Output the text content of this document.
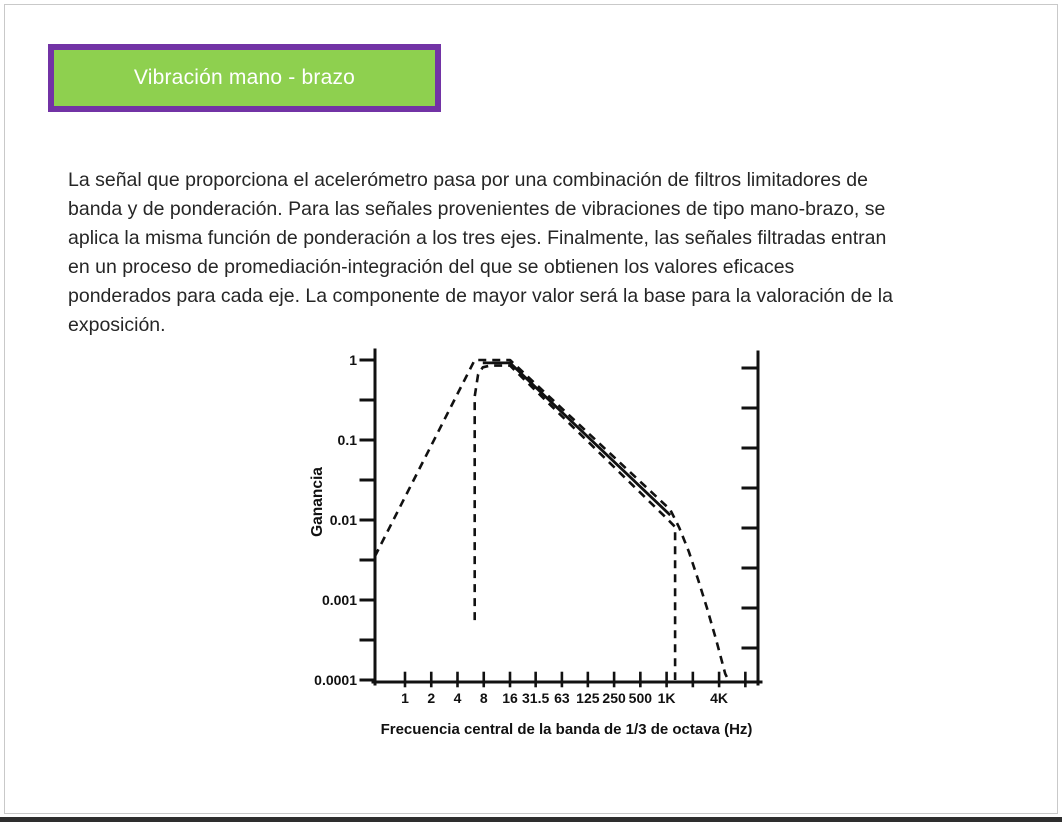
Vibración mano - brazo
La señal que proporciona el acelerómetro pasa por una combinación de filtros limitadores de
banda y de ponderación. Para las señales provenientes de vibraciones de tipo mano-brazo, se
aplica la misma función de ponderación a los tres ejes. Finalmente, las señales filtradas entran
en un proceso de promediación-integración del que se obtienen los valores eficaces
ponderados para cada eje. La componente de mayor valor será la base para la valoración de la
exposición.
1
0.1
0.01
0.001
0.0001
1 2 4 8 16 31.5 63 125 250 500 1K 4K
Frecuencia central de la banda de 1/3 de octava (Hz)
Ganancia
